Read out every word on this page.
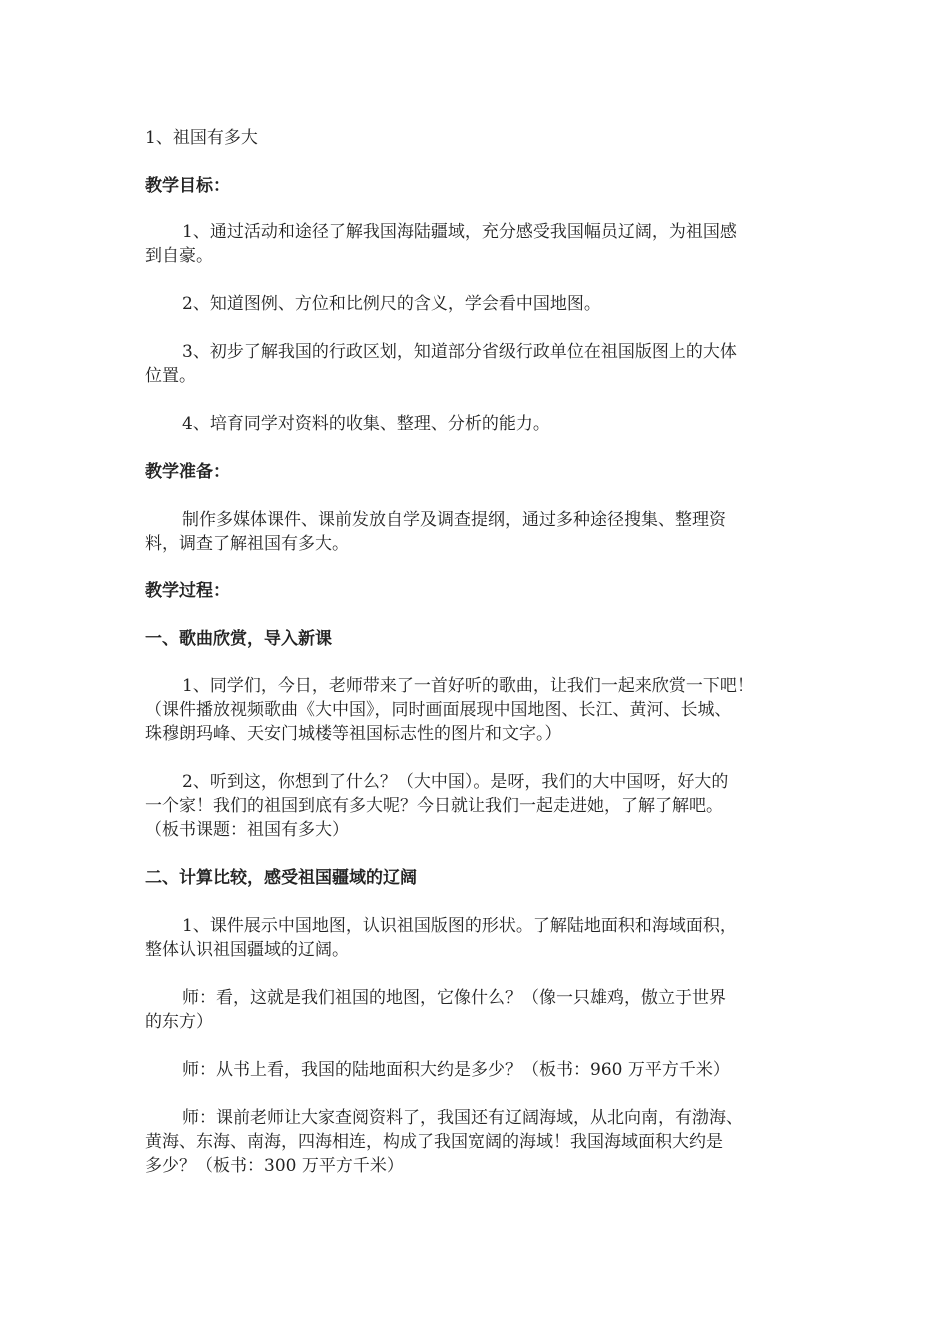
1、祖国有多大
教学目标：
1、通过活动和途径了解我国海陆疆域，充分感受我国幅员辽阔，为祖国感
到自豪。
2、知道图例、方位和比例尺的含义，学会看中国地图。
3、初步了解我国的行政区划，知道部分省级行政单位在祖国版图上的大体
位置。
4、培育同学对资料的收集、整理、分析的能力。
教学准备：
制作多媒体课件、课前发放自学及调查提纲，通过多种途径搜集、整理资
料，调查了解祖国有多大。
教学过程：
一、歌曲欣赏，导入新课
1、同学们，今日，老师带来了一首好听的歌曲，让我们一起来欣赏一下吧！
（课件播放视频歌曲《大中国》，同时画面展现中国地图、长江、黄河、长城、
珠穆朗玛峰、天安门城楼等祖国标志性的图片和文字。）
2、听到这，你想到了什么？（大中国）。是呀，我们的大中国呀，好大的
一个家！我们的祖国到底有多大呢？今日就让我们一起走进她，了解了解吧。
（板书课题：祖国有多大）
二、计算比较，感受祖国疆域的辽阔
1、课件展示中国地图，认识祖国版图的形状。了解陆地面积和海域面积，
整体认识祖国疆域的辽阔。
师：看，这就是我们祖国的地图，它像什么？（像一只雄鸡，傲立于世界
的东方）
师：从书上看，我国的陆地面积大约是多少？（板书：960 万平方千米）
师：课前老师让大家查阅资料了，我国还有辽阔海域，从北向南，有渤海、
黄海、东海、南海，四海相连，构成了我国宽阔的海域！我国海域面积大约是
多少？（板书：300 万平方千米）
